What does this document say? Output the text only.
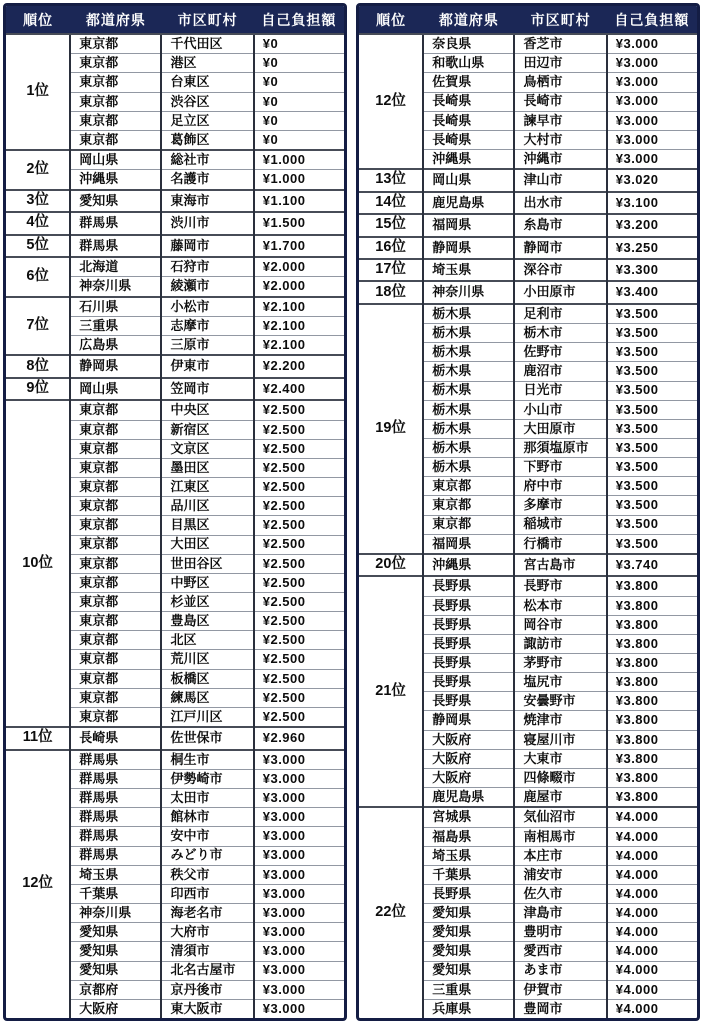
順位	都道府県	市区町村	自己負担額
1位	東京都	千代田区	¥0
	東京都	港区	¥0
	東京都	台東区	¥0
	東京都	渋谷区	¥0
	東京都	足立区	¥0
	東京都	葛飾区	¥0
2位	岡山県	総社市	¥1.000
	沖縄県	名護市	¥1.000
3位	愛知県	東海市	¥1.100
4位	群馬県	渋川市	¥1.500
5位	群馬県	藤岡市	¥1.700
6位	北海道	石狩市	¥2.000
	神奈川県	綾瀬市	¥2.000
7位	石川県	小松市	¥2.100
	三重県	志摩市	¥2.100
	広島県	三原市	¥2.100
8位	静岡県	伊東市	¥2.200
9位	岡山県	笠岡市	¥2.400
10位	東京都	中央区	¥2.500
	東京都	新宿区	¥2.500
	東京都	文京区	¥2.500
	東京都	墨田区	¥2.500
	東京都	江東区	¥2.500
	東京都	品川区	¥2.500
	東京都	目黒区	¥2.500
	東京都	大田区	¥2.500
	東京都	世田谷区	¥2.500
	東京都	中野区	¥2.500
	東京都	杉並区	¥2.500
	東京都	豊島区	¥2.500
	東京都	北区	¥2.500
	東京都	荒川区	¥2.500
	東京都	板橋区	¥2.500
	東京都	練馬区	¥2.500
	東京都	江戸川区	¥2.500
11位	長崎県	佐世保市	¥2.960
12位	群馬県	桐生市	¥3.000
	群馬県	伊勢崎市	¥3.000
	群馬県	太田市	¥3.000
	群馬県	館林市	¥3.000
	群馬県	安中市	¥3.000
	群馬県	みどり市	¥3.000
	埼玉県	秩父市	¥3.000
	千葉県	印西市	¥3.000
	神奈川県	海老名市	¥3.000
	愛知県	大府市	¥3.000
	愛知県	清須市	¥3.000
	愛知県	北名古屋市	¥3.000
	京都府	京丹後市	¥3.000
	大阪府	東大阪市	¥3.000
順位	都道府県	市区町村	自己負担額
12位	奈良県	香芝市	¥3.000
	和歌山県	田辺市	¥3.000
	佐賀県	鳥栖市	¥3.000
	長崎県	長崎市	¥3.000
	長崎県	諫早市	¥3.000
	長崎県	大村市	¥3.000
	沖縄県	沖縄市	¥3.000
13位	岡山県	津山市	¥3.020
14位	鹿児島県	出水市	¥3.100
15位	福岡県	糸島市	¥3.200
16位	静岡県	静岡市	¥3.250
17位	埼玉県	深谷市	¥3.300
18位	神奈川県	小田原市	¥3.400
19位	栃木県	足利市	¥3.500
	栃木県	栃木市	¥3.500
	栃木県	佐野市	¥3.500
	栃木県	鹿沼市	¥3.500
	栃木県	日光市	¥3.500
	栃木県	小山市	¥3.500
	栃木県	大田原市	¥3.500
	栃木県	那須塩原市	¥3.500
	栃木県	下野市	¥3.500
	東京都	府中市	¥3.500
	東京都	多摩市	¥3.500
	東京都	稲城市	¥3.500
	福岡県	行橋市	¥3.500
20位	沖縄県	宮古島市	¥3.740
21位	長野県	長野市	¥3.800
	長野県	松本市	¥3.800
	長野県	岡谷市	¥3.800
	長野県	諏訪市	¥3.800
	長野県	茅野市	¥3.800
	長野県	塩尻市	¥3.800
	長野県	安曇野市	¥3.800
	静岡県	焼津市	¥3.800
	大阪府	寝屋川市	¥3.800
	大阪府	大東市	¥3.800
	大阪府	四條畷市	¥3.800
	鹿児島県	鹿屋市	¥3.800
22位	宮城県	気仙沼市	¥4.000
	福島県	南相馬市	¥4.000
	埼玉県	本庄市	¥4.000
	千葉県	浦安市	¥4.000
	長野県	佐久市	¥4.000
	愛知県	津島市	¥4.000
	愛知県	豊明市	¥4.000
	愛知県	愛西市	¥4.000
	愛知県	あま市	¥4.000
	三重県	伊賀市	¥4.000
	兵庫県	豊岡市	¥4.000
